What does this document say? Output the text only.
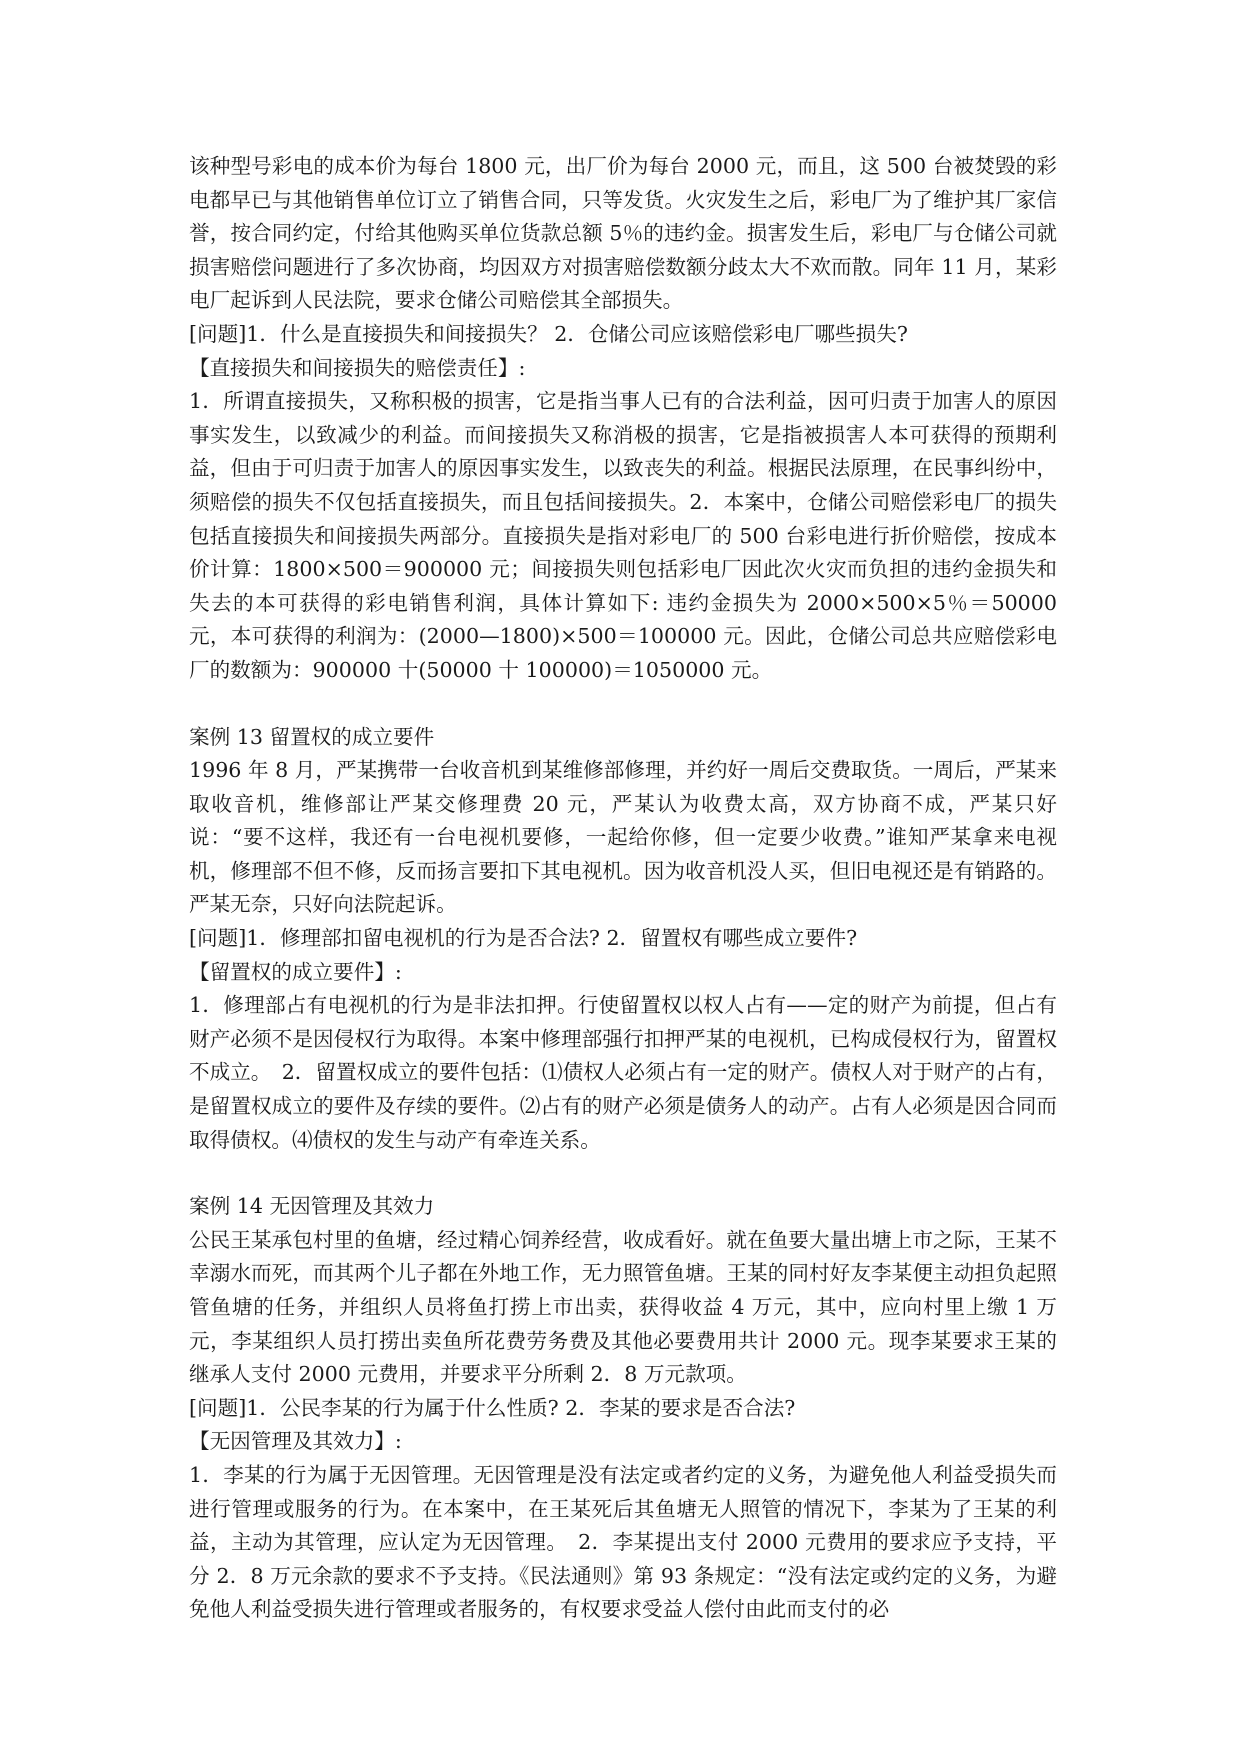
该种型号彩电的成本价为每台 1800 元，出厂价为每台 2000 元，而且，这 500 台被焚毁的彩电都早已与其他销售单位订立了销售合同，只等发货。火灾发生之后，彩电厂为了维护其厂家信誉，按合同约定，付给其他购买单位货款总额 5％的违约金。损害发生后，彩电厂与仓储公司就损害赔偿问题进行了多次协商，均因双方对损害赔偿数额分歧太大不欢而散。同年 11 月，某彩电厂起诉到人民法院，要求仓储公司赔偿其全部损失。
[问题]1．什么是直接损失和间接损失？ 2．仓储公司应该赔偿彩电厂哪些损失?
【直接损失和间接损失的赔偿责任】:
1．所谓直接损失，又称积极的损害，它是指当事人已有的合法利益，因可归责于加害人的原因事实发生，以致减少的利益。而间接损失又称消极的损害，它是指被损害人本可获得的预期利益，但由于可归责于加害人的原因事实发生，以致丧失的利益。根据民法原理，在民事纠纷中，须赔偿的损失不仅包括直接损失，而且包括间接损失。2．本案中，仓储公司赔偿彩电厂的损失包括直接损失和间接损失两部分。直接损失是指对彩电厂的 500 台彩电进行折价赔偿，按成本价计算：1800×500＝900000 元；间接损失则包括彩电厂因此次火灾而负担的违约金损失和失去的本可获得的彩电销售利润，具体计算如下: 违约金损失为 2000×500×5％＝50000 元，本可获得的利润为：(2000—1800)×500＝100000 元。因此，仓储公司总共应赔偿彩电厂的数额为：900000 十(50000 十 100000)＝1050000 元。
案例 13 留置权的成立要件
1996 年 8 月，严某携带一台收音机到某维修部修理，并约好一周后交费取货。一周后，严某来取收音机，维修部让严某交修理费 20 元，严某认为收费太高，双方协商不成，严某只好说：“要不这样，我还有一台电视机要修，一起给你修，但一定要少收费。”谁知严某拿来电视机，修理部不但不修，反而扬言要扣下其电视机。因为收音机没人买，但旧电视还是有销路的。严某无奈，只好向法院起诉。
[问题]1．修理部扣留电视机的行为是否合法? 2．留置权有哪些成立要件?
【留置权的成立要件】:
1．修理部占有电视机的行为是非法扣押。行使留置权以权人占有——定的财产为前提，但占有财产必须不是因侵权行为取得。本案中修理部强行扣押严某的电视机，已构成侵权行为，留置权不成立。　2．留置权成立的要件包括：⑴债权人必须占有一定的财产。债权人对于财产的占有，是留置权成立的要件及存续的要件。⑵占有的财产必须是债务人的动产。占有人必须是因合同而取得债权。⑷债权的发生与动产有牵连关系。
案例 14 无因管理及其效力
公民王某承包村里的鱼塘，经过精心饲养经营，收成看好。就在鱼要大量出塘上市之际，王某不幸溺水而死，而其两个儿子都在外地工作，无力照管鱼塘。王某的同村好友李某便主动担负起照管鱼塘的任务，并组织人员将鱼打捞上市出卖，获得收益 4 万元，其中，应向村里上缴 1 万元，李某组织人员打捞出卖鱼所花费劳务费及其他必要费用共计 2000 元。现李某要求王某的继承人支付 2000 元费用，并要求平分所剩 2．8 万元款项。
[问题]1．公民李某的行为属于什么性质? 2．李某的要求是否合法?
【无因管理及其效力】:
1．李某的行为属于无因管理。无因管理是没有法定或者约定的义务，为避免他人利益受损失而进行管理或服务的行为。在本案中，在王某死后其鱼塘无人照管的情况下，李某为了王某的利益，主动为其管理，应认定为无因管理。　2．李某提出支付 2000 元费用的要求应予支持，平分 2．8 万元余款的要求不予支持。《民法通则》第 93 条规定：“没有法定或约定的义务，为避免他人利益受损失进行管理或者服务的，有权要求受益人偿付由此而支付的必
